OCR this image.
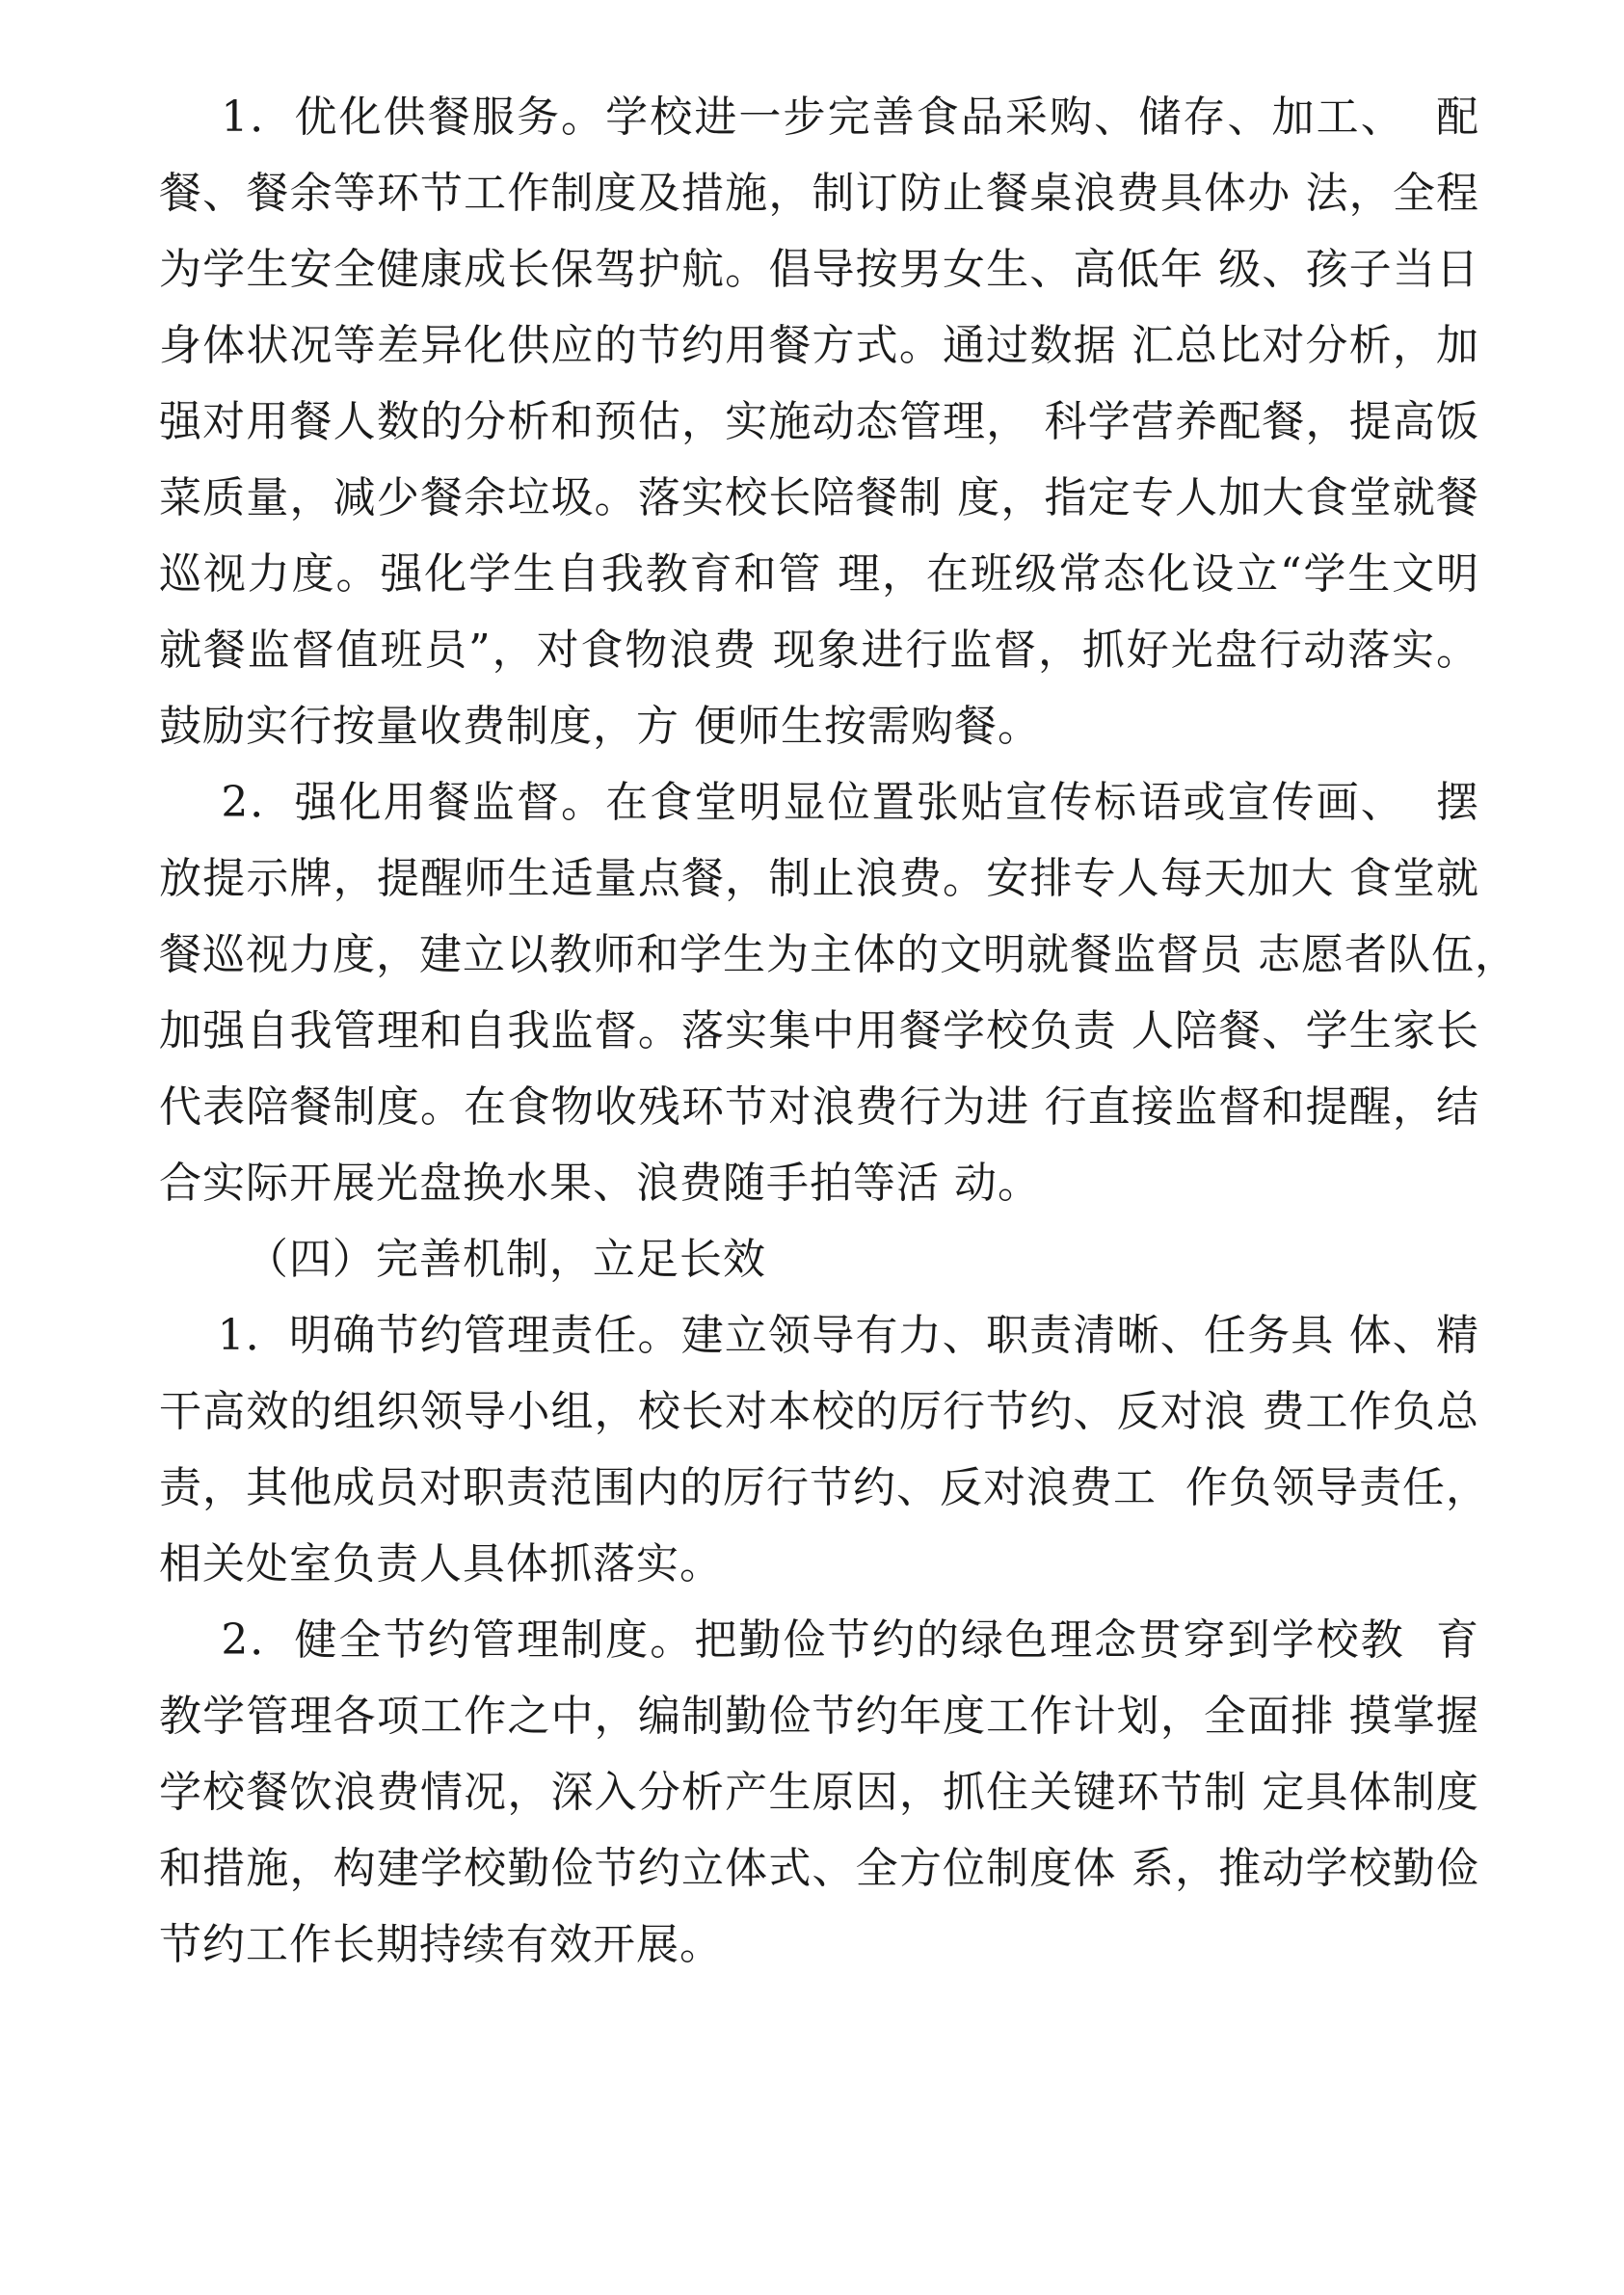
1．优化供餐服务。学校进一步完善食品采购、储存、加工、  配
餐、餐余等环节工作制度及措施，制订防止餐桌浪费具体办 法，全程
为学生安全健康成长保驾护航。倡导按男女生、高低年 级、孩子当日
身体状况等差异化供应的节约用餐方式。通过数据 汇总比对分析，加
强对用餐人数的分析和预估，实施动态管理， 科学营养配餐，提高饭
菜质量，减少餐余垃圾。落实校长陪餐制 度，指定专人加大食堂就餐
巡视力度。强化学生自我教育和管 理，在班级常态化设立“学生文明
就餐监督值班员”，对食物浪费 现象进行监督，抓好光盘行动落实。
鼓励实行按量收费制度，方 便师生按需购餐。
2．强化用餐监督。在食堂明显位置张贴宣传标语或宣传画、  摆
放提示牌，提醒师生适量点餐，制止浪费。安排专人每天加大 食堂就
餐巡视力度，建立以教师和学生为主体的文明就餐监督员 志愿者队伍，
加强自我管理和自我监督。落实集中用餐学校负责 人陪餐、学生家长
代表陪餐制度。在食物收残环节对浪费行为进 行直接监督和提醒，结
合实际开展光盘换水果、浪费随手拍等活 动。
（四）完善机制，立足长效
1．明确节约管理责任。建立领导有力、职责清晰、任务具 体、精
干高效的组织领导小组，校长对本校的厉行节约、反对浪 费工作负总
责，其他成员对职责范围内的厉行节约、反对浪费工  作负领导责任，
相关处室负责人具体抓落实。
2．健全节约管理制度。把勤俭节约的绿色理念贯穿到学校教  育
教学管理各项工作之中，编制勤俭节约年度工作计划，全面排 摸掌握
学校餐饮浪费情况，深入分析产生原因，抓住关键环节制 定具体制度
和措施，构建学校勤俭节约立体式、全方位制度体 系，推动学校勤俭
节约工作长期持续有效开展。
